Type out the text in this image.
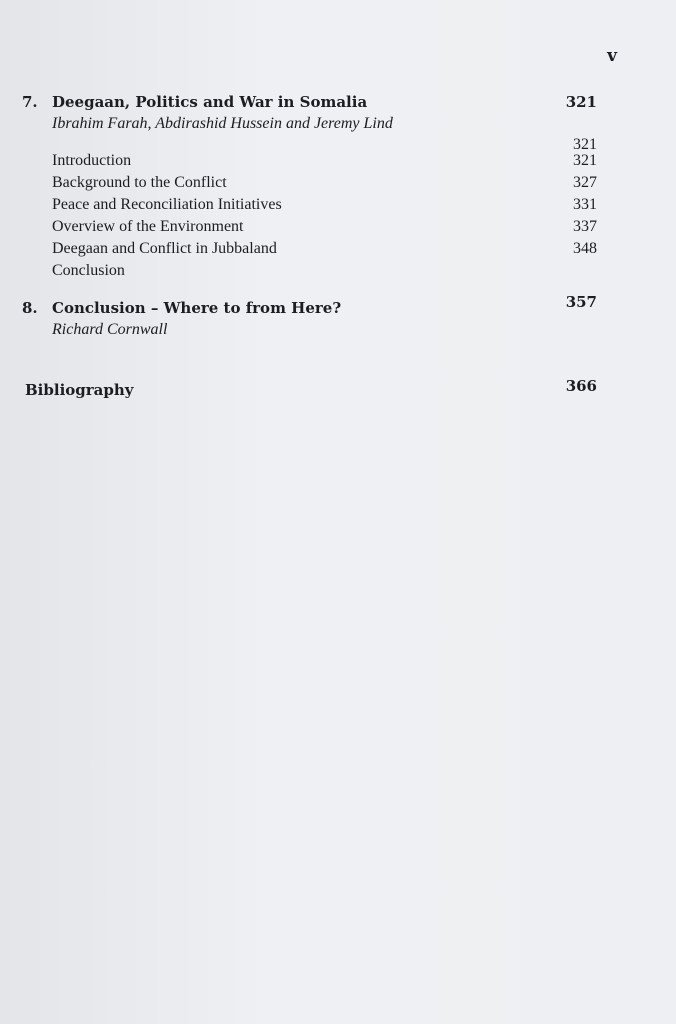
v
7. Deegaan, Politics and War in Somalia	321
Ibrahim Farah, Abdirashid Hussein and Jeremy Lind
321
Introduction	321
Background to the Conflict	327
Peace and Reconciliation Initiatives	331
Overview of the Environment	337
Deegaan and Conflict in Jubbaland	348
Conclusion
8. Conclusion – Where to from Here?	357
Richard Cornwall
Bibliography	366
